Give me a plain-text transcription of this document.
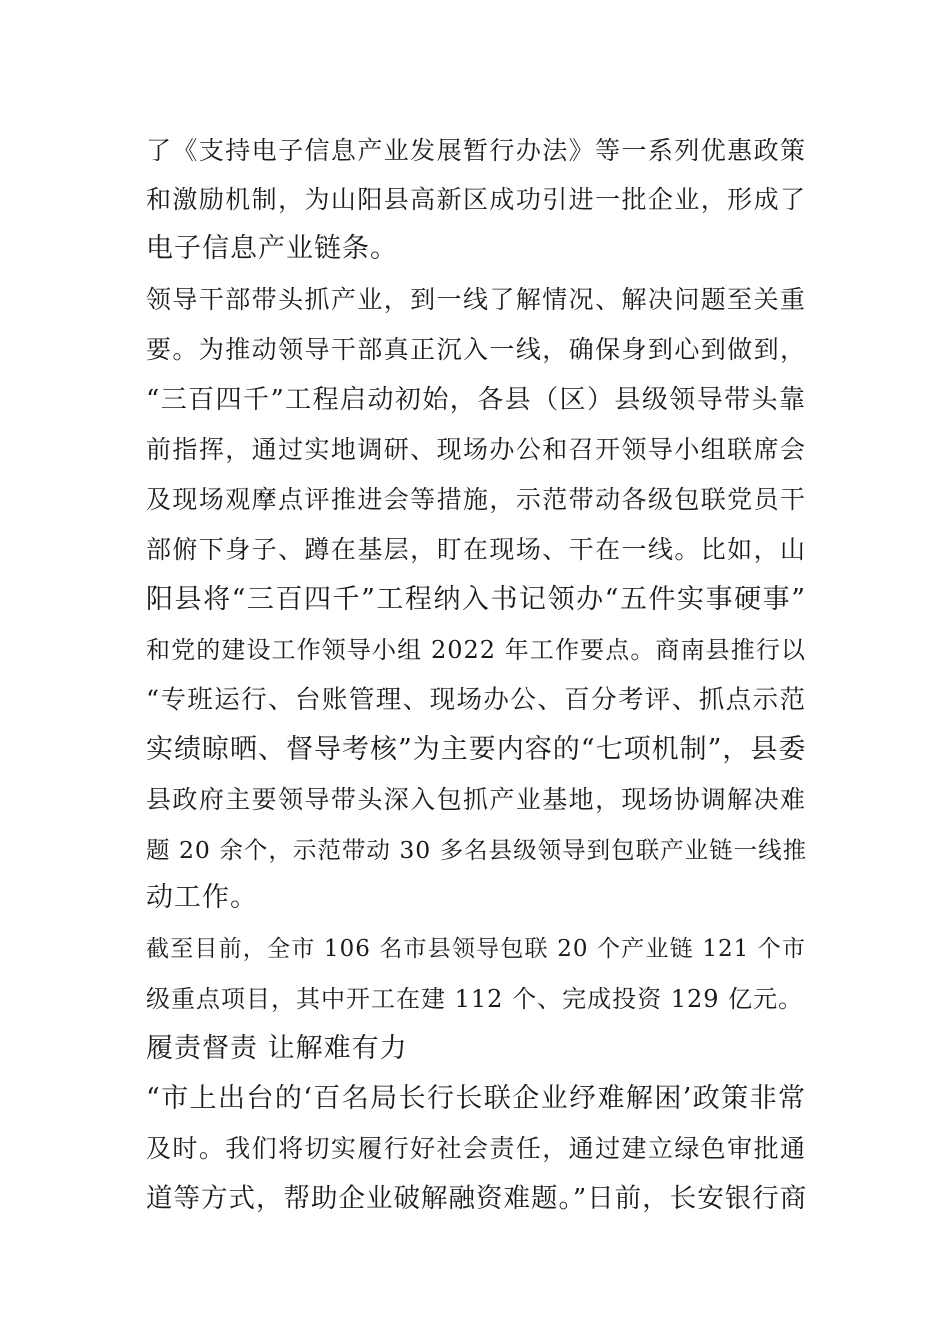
了《支持电子信息产业发展暂行办法》等一系列优惠政策
和激励机制，为山阳县高新区成功引进一批企业，形成了
电子信息产业链条。
领导干部带头抓产业，到一线了解情况、解决问题至关重
要。为推动领导干部真正沉入一线，确保身到心到做到，
“三百四千”工程启动初始，各县（区）县级领导带头靠
前指挥，通过实地调研、现场办公和召开领导小组联席会
及现场观摩点评推进会等措施，示范带动各级包联党员干
部俯下身子、蹲在基层，盯在现场、干在一线。比如，山
阳县将“三百四千”工程纳入书记领办“五件实事硬事”
和党的建设工作领导小组 2022 年工作要点。商南县推行以
“专班运行、台账管理、现场办公、百分考评、抓点示范
实绩晾晒、督导考核”为主要内容的“七项机制”，县委
县政府主要领导带头深入包抓产业基地，现场协调解决难
题 20 余个，示范带动 30 多名县级领导到包联产业链一线推
动工作。
截至目前，全市 106 名市县领导包联 20 个产业链 121 个市
级重点项目，其中开工在建 112 个、完成投资 129 亿元。
履责督责 让解难有力
“市上出台的‘百名局长行长联企业纾难解困’政策非常
及时。我们将切实履行好社会责任，通过建立绿色审批通
道等方式，帮助企业破解融资难题。”日前，长安银行商
